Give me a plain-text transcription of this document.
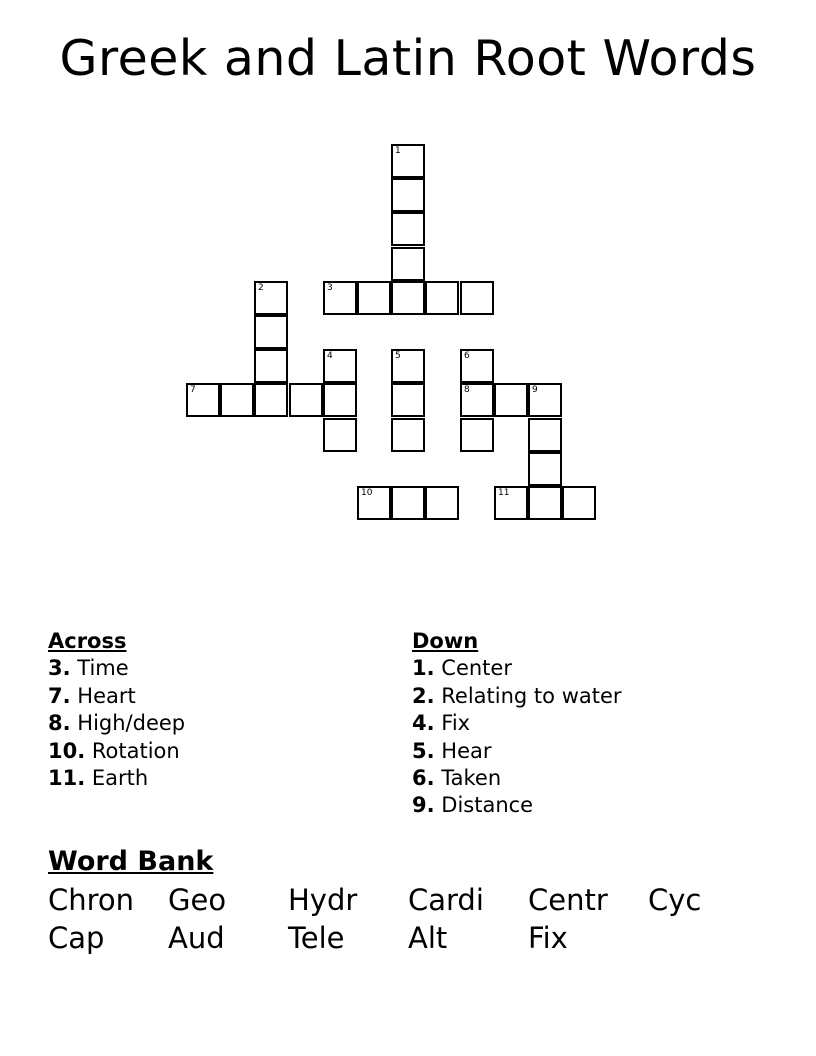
Greek and Latin Root Words
1
3
2
4	5	6
8
7	9
10	11
Across
3. Time
7. Heart
8. High/deep
10. Rotation
11. Earth
Down
1. Center
2. Relating to water
4. Fix
5. Hear
6. Taken
9. Distance
Word Bank
Chron Geo Hydr Cardi Centr Cyc
Cap Aud Tele Alt	Fix
